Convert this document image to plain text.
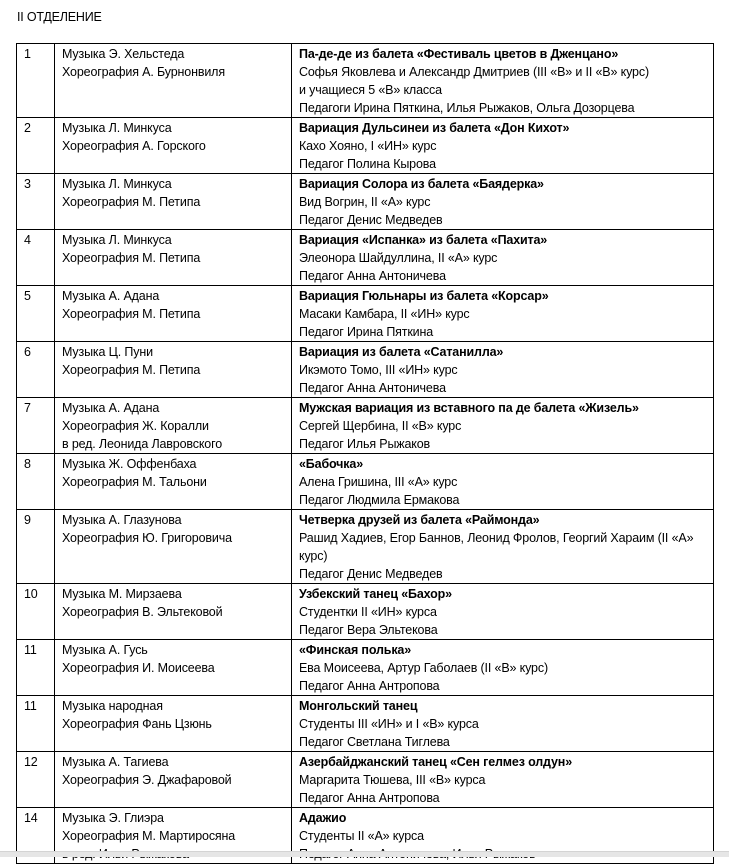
II ОТДЕЛЕНИЕ
1	Музыка Э. Хельстеда
Хореография А. Бурнонвиля	Па-де-де из балета «Фестиваль цветов в Дженцано»
Софья Яковлева и Александр Дмитриев (III «В» и II «В» курс)
и учащиеся 5 «В» класса
Педагоги Ирина Пяткина, Илья Рыжаков, Ольга Дозорцева

2	Музыка Л. Минкуса
Хореография А. Горского	Вариация Дульсинеи из балета «Дон Кихот»
Кахо Хояно, I «ИН» курс
Педагог Полина Кырова

3	Музыка Л. Минкуса
Хореография М. Петипа	Вариация Солора из балета «Баядерка»
Вид Вогрин, II «А» курс
Педагог Денис Медведев

4	Музыка Л. Минкуса
Хореография М. Петипа	Вариация «Испанка» из балета «Пахита»
Элеонора Шайдуллина, II «А» курс
Педагог Анна Антоничева

5	Музыка А. Адана
Хореография М. Петипа	Вариация Гюльнары из балета «Корсар»
Масаки Камбара, II «ИН» курс
Педагог Ирина Пяткина

6	Музыка Ц. Пуни
Хореография М. Петипа	Вариация из балета «Сатанилла»
Икэмото Томо, III «ИН» курс
Педагог Анна Антоничева

7	Музыка А. Адана
Хореография Ж. Коралли
в ред. Леонида Лавровского	Мужская вариация из вставного па де балета «Жизель»
Сергей Щербина, II «В» курс
Педагог Илья Рыжаков

8	Музыка Ж. Оффенбаха
Хореография М. Тальони	«Бабочка»
Алена Гришина, III «А» курс
Педагог Людмила Ермакова

9	Музыка А. Глазунова
Хореография Ю. Григоровича	Четверка друзей из балета «Раймонда»
Рашид Хадиев, Егор Баннов, Леонид Фролов, Георгий Хараим (II «А» курс)
Педагог Денис Медведев

10	Музыка М. Мирзаева
Хореография В. Эльтековой	Узбекский танец «Бахор»
Студентки II «ИН» курса
Педагог Вера Эльтекова

11	Музыка А. Гусь
Хореография И. Моисеева	«Финская полька»
Ева Моисеева, Артур Габолаев (II «В» курс)
Педагог Анна Антропова

11	Музыка народная
Хореография Фань Цзюнь	Монгольский танец
Студенты III «ИН» и I «В» курса
Педагог Светлана Тиглева

12	Музыка А. Тагиева
Хореография Э. Джафаровой	Азербайджанский танец «Сен гелмез олдун»
Маргарита Тюшева, III «В» курса
Педагог Анна Антропова

14	Музыка Э. Глиэра
Хореография М. Мартиросяна	Адажио
Студенты II «А» курса
